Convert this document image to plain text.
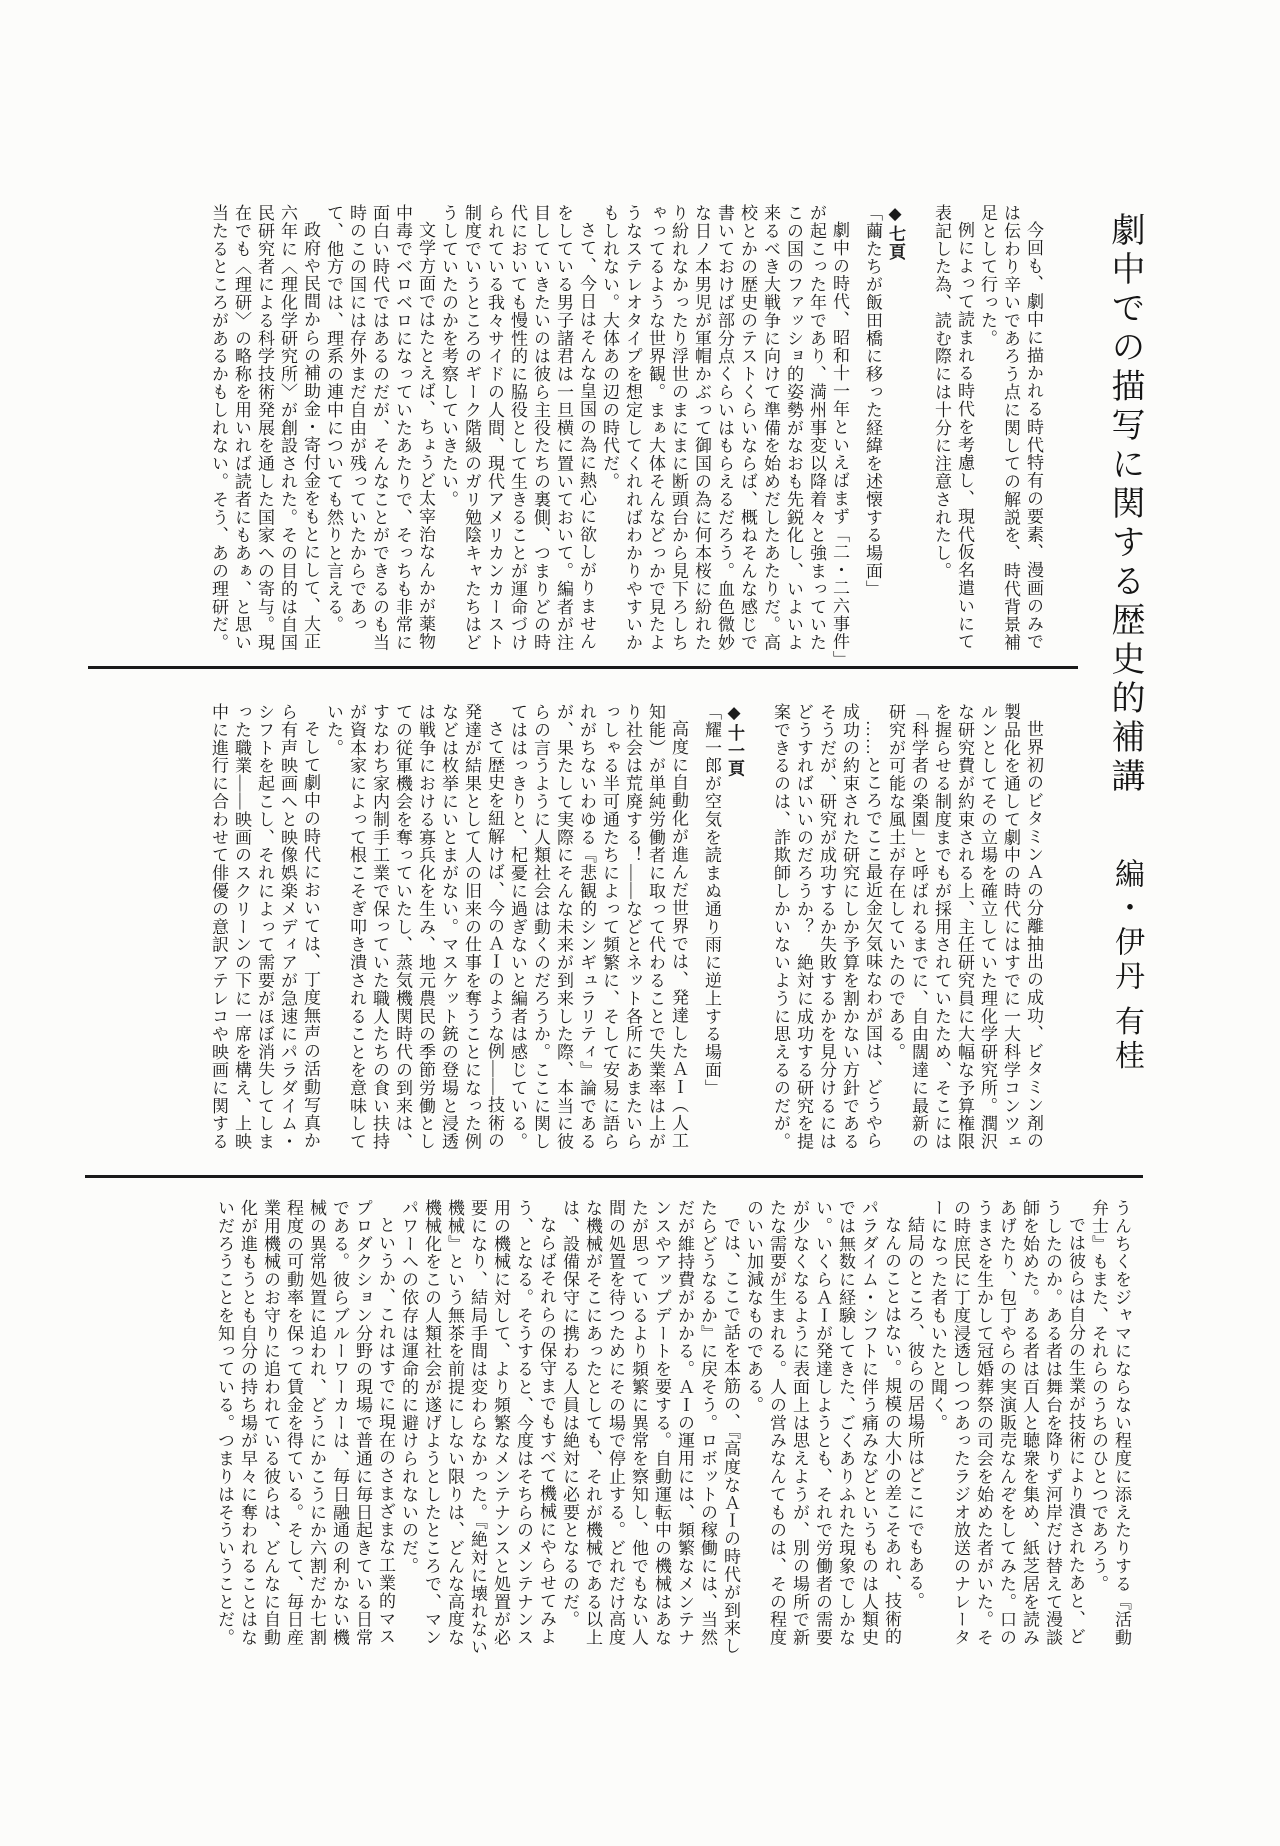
劇中での描写に関する歴史的補講
編・伊丹 有桂

今回も、劇中に描かれる時代特有の要素、漫画のみでは伝わり辛いであろう点に関しての解説を、時代背景補足として行った。

例によって読まれる時代を考慮し、現代仮名遣いにて表記した為、読む際には十分に注意されたし。

◆七頁

「繭たちが飯田橋に移った経緯を述懐する場面」

劇中の時代、昭和十一年といえばまず「二・二六事件」が起こった年であり、満州事変以降着々と強まっていたこの国のファッショ的姿勢がなおも先鋭化し、いよいよ来るべき大戦争に向けて準備を始めだしたあたりだ。高校とかの歴史のテストくらいならば、概ねそんな感じで書いておけば部分点くらいはもらえるだろう。血色微妙な日ノ本男児が軍帽かぶって御国の為に何本桜に紛れたり紛れなかったり浮世のまにまに断頭台から見下ろしちゃってるような世界観。まぁ大体そんなどっかで見たようなステレオタイプを想定してくれればわかりやすいかもしれない。大体あの辺の時代だ。

さて、今日はそんな皇国の為に熱心に欲しがりませんをしている男子諸君は一旦横に置いておいて。編者が注目していきたいのは彼ら主役たちの裏側、つまりどの時代においても慢性的に脇役として生きることが運命づけられている我々サイドの人間、現代アメリカンカースト制度でいうところのギーク階級のガリ勉陰キャたちはどうしていたのかを考察していきたい。

文学方面ではたとえば、ちょうど太宰治なんかが薬物中毒でベロベロになっていたあたりで、そっちも非常に面白い時代ではあるのだが、そんなことができるのも当時のこの国には存外まだ自由が残っていたからであって、他方では、理系の連中についても然りと言える。

政府や民間からの補助金・寄付金をもとにして、大正六年に〈理化学研究所〉が創設された。その目的は自国民研究者による科学技術発展を通した国家への寄与。現在でも〈理研〉の略称を用いれば読者にもあぁ、と思い当たるところがあるかもしれない。そう、あの理研だ。

世界初のビタミンＡの分離抽出の成功、ビタミン剤の製品化を通して劇中の時代にはすでに一大科学コンツェルンとしてその立場を確立していた理化学研究所。潤沢な研究費が約束される上、主任研究員に大幅な予算権限を握らせる制度までもが採用されていたため、そこには「科学者の楽園」と呼ばれるまでに、自由闊達に最新の研究が可能な風土が存在していたのである。

……ところでここ最近金欠気味なわが国は、どうやら成功の約束された研究にしか予算を割かない方針であるそうだが、研究が成功するか失敗するかを見分けるにはどうすればいいのだろうか？　絶対に成功する研究を提案できるのは、詐欺師しかいないように思えるのだが。

◆十一頁

「耀一郎が空気を読まぬ通り雨に逆上する場面」

高度に自動化が進んだ世界では、発達したＡＩ（人工知能）が単純労働者に取って代わることで失業率は上がり社会は荒廃する！――などとネット各所にあまたいらっしゃる半可通たちによって頻繁に、そして安易に語られがちないわゆる『悲観的シンギュラリティ』論であるが、果たして実際にそんな未来が到来した際、本当に彼らの言うように人類社会は動くのだろうか。ここに関してははっきりと、杞憂に過ぎないと編者は感じている。

さて歴史を紐解けば、今のＡＩのような例――技術の発達が結果として人の旧来の仕事を奪うことになった例などは枚挙にいとまがない。マスケット銃の登場と浸透は戦争における寡兵化を生み、地元農民の季節労働としての従軍機会を奪っていたし、蒸気機関時代の到来は、すなわち家内制手工業で保っていた職人たちの食い扶持が資本家によって根こそぎ叩き潰されることを意味していた。

そして劇中の時代においては、丁度無声の活動写真から有声映画へと映像娯楽メディアが急速にパラダイム・シフトを起こし、それによって需要がほぼ消失してしまった職業――映画のスクリーンの下に一席を構え、上映中に進行に合わせて俳優の意訳アテレコや映画に関する

うんちくをジャマにならない程度に添えたりする『活動弁士』もまた、それらのうちのひとつであろう。

では彼らは自分の生業が技術により潰されたあと、どうしたのか。ある者は舞台を降りず河岸だけ替えて漫談師を始めた。ある者は百人と聴衆を集め、紙芝居を読みあげたり、包丁やらの実演販売なんぞをしてみた。口のうまさを生かして冠婚葬祭の司会を始めた者がいた。その時庶民に丁度浸透しつつあったラジオ放送のナレーターになった者もいたと聞く。

結局のところ、彼らの居場所はどこにでもある。

なんのことはない。規模の大小の差こそあれ、技術的パラダイム・シフトに伴う痛みなどというものは人類史では無数に経験してきた、ごくありふれた現象でしかない。いくらＡＩが発達しようとも、それで労働者の需要が少なくなるように表面上は思えようが、別の場所で新たな需要が生まれる。人の営みなんてものは、その程度のいい加減なものである。

では、ここで話を本筋の、『高度なＡＩの時代が到来したらどうなるか』に戻そう。ロボットの稼働には、当然だが維持費がかかる。ＡＩの運用には、頻繁なメンテナンスやアップデートを要する。自動運転中の機械はあなたが思っているより頻繁に異常を察知し、他でもない人間の処置を待つためにその場で停止する。どれだけ高度な機械がそこにあったとしても、それが機械である以上は、設備保守に携わる人員は絶対に必要となるのだ。

ならばそれらの保守までもすべて機械にやらせてみよう、となる。そうすると、今度はそちらのメンテナンス用の機械に対して、より頻繁なメンテナンスと処置が必要になり、結局手間は変わらなかった。『絶対に壊れない機械』という無茶を前提にしない限りは、どんな高度な機械化をこの人類社会が遂げようとしたところで、マンパワーへの依存は運命的に避けられないのだ。

というか、これはすでに現在のさまざまな工業的マスプロダクション分野の現場で普通に毎日起きている日常である。彼らブルーワーカーは、毎日融通の利かない機械の異常処置に追われ、どうにかこうにか六割だか七割程度の可動率を保って賃金を得ている。そして、毎日産業用機械のお守りに追われている彼らは、どんなに自動化が進もうとも自分の持ち場が早々に奪われることはないだろうことを知っている。つまりはそういうことだ。
